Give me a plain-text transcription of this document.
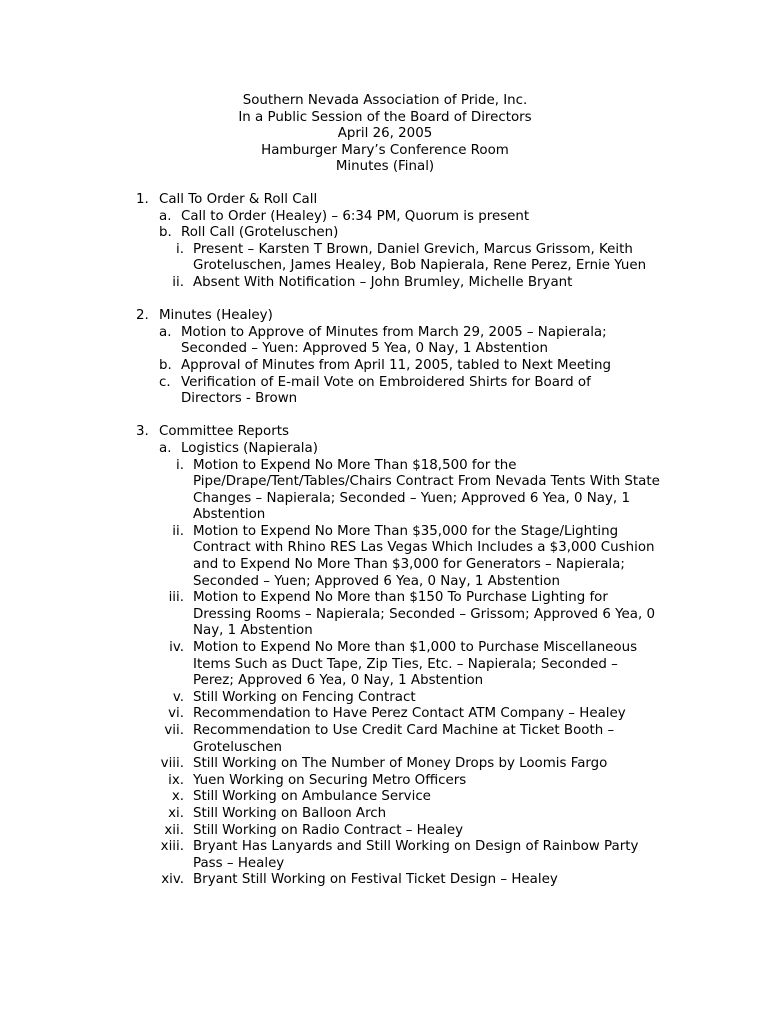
Southern Nevada Association of Pride, Inc.
In a Public Session of the Board of Directors
April 26, 2005
Hamburger Mary’s Conference Room
Minutes (Final)
1. Call To Order & Roll Call
a. Call to Order (Healey) – 6:34 PM, Quorum is present
b. Roll Call (Groteluschen)
i. Present – Karsten T Brown, Daniel Grevich, Marcus Grissom, Keith Groteluschen, James Healey, Bob Napierala, Rene Perez, Ernie Yuen
ii. Absent With Notification – John Brumley, Michelle Bryant
2. Minutes (Healey)
a. Motion to Approve of Minutes from March 29, 2005 – Napierala; Seconded – Yuen: Approved 5 Yea, 0 Nay, 1 Abstention
b. Approval of Minutes from April 11, 2005, tabled to Next Meeting
c. Verification of E-mail Vote on Embroidered Shirts for Board of Directors - Brown
3. Committee Reports
a. Logistics (Napierala)
i. Motion to Expend No More Than $18,500 for the Pipe/Drape/Tent/Tables/Chairs Contract From Nevada Tents With State Changes – Napierala; Seconded – Yuen; Approved 6 Yea, 0 Nay, 1 Abstention
ii. Motion to Expend No More Than $35,000 for the Stage/Lighting Contract with Rhino RES Las Vegas Which Includes a $3,000 Cushion and to Expend No More Than $3,000 for Generators – Napierala; Seconded – Yuen; Approved 6 Yea, 0 Nay, 1 Abstention
iii. Motion to Expend No More than $150 To Purchase Lighting for Dressing Rooms – Napierala; Seconded – Grissom; Approved 6 Yea, 0 Nay, 1 Abstention
iv. Motion to Expend No More than $1,000 to Purchase Miscellaneous Items Such as Duct Tape, Zip Ties, Etc. – Napierala; Seconded – Perez; Approved 6 Yea, 0 Nay, 1 Abstention
v. Still Working on Fencing Contract
vi. Recommendation to Have Perez Contact ATM Company – Healey
vii. Recommendation to Use Credit Card Machine at Ticket Booth – Groteluschen
viii. Still Working on The Number of Money Drops by Loomis Fargo
ix. Yuen Working on Securing Metro Officers
x. Still Working on Ambulance Service
xi. Still Working on Balloon Arch
xii. Still Working on Radio Contract – Healey
xiii. Bryant Has Lanyards and Still Working on Design of Rainbow Party Pass – Healey
xiv. Bryant Still Working on Festival Ticket Design – Healey
